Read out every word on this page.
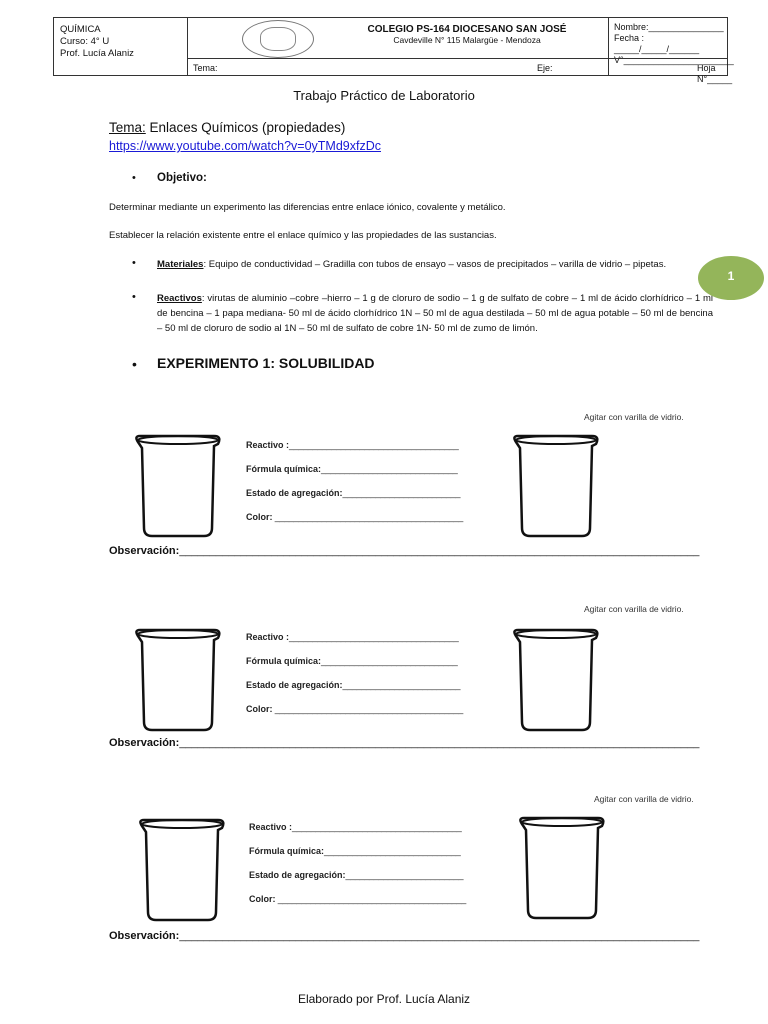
QUÍMICA
Curso: 4° U
Prof. Lucía Alaniz
COLEGIO PS-164 DIOCESANO SAN JOSÉ
Cavdeville N° 115 Malargüe - Mendoza
Nombre:_______________
Fecha : _____/_____/______
V°______________________
Tema:	Eje:	Hoja N°_____
Trabajo Práctico de Laboratorio
Tema: Enlaces Químicos (propiedades)
https://www.youtube.com/watch?v=0yTMd9xfzDc
• Objetivo:
Determinar mediante un experimento las diferencias entre enlace iónico, covalente y metálico.
Establecer la relación existente entre el enlace químico y las propiedades de las sustancias.
• Materiales: Equipo de conductividad – Gradilla con tubos de ensayo – vasos de precipitados – varilla de vidrio – pipetas.
• Reactivos: virutas de aluminio –cobre –hierro – 1 g de cloruro de sodio – 1 g de sulfato de cobre – 1 ml de ácido clorhídrico – 1 ml de bencina – 1 papa mediana- 50 ml de ácido clorhídrico 1N – 50 ml de agua destilada – 50 ml de agua potable – 50 ml de bencina – 50 ml de cloruro de sodio al 1N – 50 ml de sulfato de cobre 1N- 50 ml de zumo de limón.
• EXPERIMENTO 1: SOLUBILIDAD
1
Agitar con varilla de vidrio.
Reactivo :____________________________________
Fórmula química:_____________________________
Estado de agregación:_________________________
Color: ________________________________________
Observación:_____________________________________________________________________________________
Agitar con varilla de vidrio.
Reactivo :____________________________________
Fórmula química:_____________________________
Estado de agregación:_________________________
Color: ________________________________________
Observación:_____________________________________________________________________________________
Agitar con varilla de vidrio.
Reactivo :____________________________________
Fórmula química:_____________________________
Estado de agregación:_________________________
Color: ________________________________________
Observación:_____________________________________________________________________________________
Elaborado por Prof. Lucía Alaniz
